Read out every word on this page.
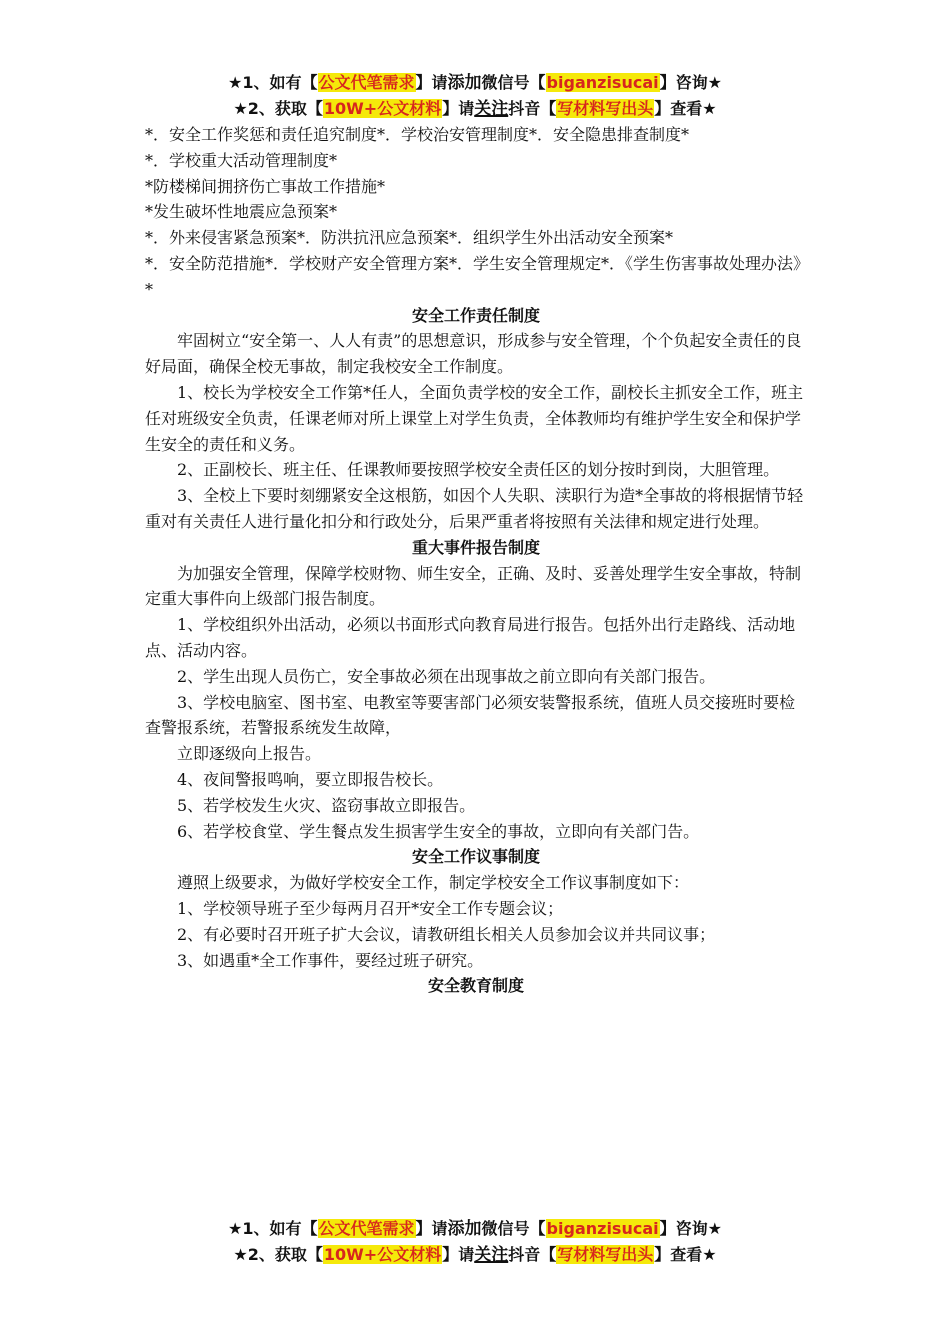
★1、如有【公文代笔需求】请添加微信号【biganzisucai】咨询★
★2、获取【10W+公文材料】请关注抖音【写材料写出头】查看★

*．安全工作奖惩和责任追究制度*．学校治安管理制度*．安全隐患排查制度*

*．学校重大活动管理制度*

*防楼梯间拥挤伤亡事故工作措施*

*发生破坏性地震应急预案*

*．外来侵害紧急预案*．防洪抗汛应急预案*．组织学生外出活动安全预案*

*．安全防范措施*．学校财产安全管理方案*．学生安全管理规定*．《学生伤害事故处理办法》*

安全工作责任制度

牢固树立“安全第一、人人有责”的思想意识，形成参与安全管理，个个负起安全责任的良好局面，确保全校无事故，制定我校安全工作制度。

1、校长为学校安全工作第*任人，全面负责学校的安全工作，副校长主抓安全工作，班主任对班级安全负责，任课老师对所上课堂上对学生负责，全体教师均有维护学生安全和保护学生安全的责任和义务。

2、正副校长、班主任、任课教师要按照学校安全责任区的划分按时到岗，大胆管理。

3、全校上下要时刻绷紧安全这根筋，如因个人失职、渎职行为造*全事故的将根据情节轻重对有关责任人进行量化扣分和行政处分，后果严重者将按照有关法律和规定进行处理。

重大事件报告制度

为加强安全管理，保障学校财物、师生安全，正确、及时、妥善处理学生安全事故，特制定重大事件向上级部门报告制度。

1、学校组织外出活动，必须以书面形式向教育局进行报告。包括外出行走路线、活动地点、活动内容。

2、学生出现人员伤亡，安全事故必须在出现事故之前立即向有关部门报告。

3、学校电脑室、图书室、电教室等要害部门必须安装警报系统，值班人员交接班时要检查警报系统，若警报系统发生故障，

立即逐级向上报告。

4、夜间警报鸣响，要立即报告校长。

5、若学校发生火灾、盗窃事故立即报告。

6、若学校食堂、学生餐点发生损害学生安全的事故，立即向有关部门告。

安全工作议事制度

遵照上级要求，为做好学校安全工作，制定学校安全工作议事制度如下：

1、学校领导班子至少每两月召开*安全工作专题会议；

2、有必要时召开班子扩大会议，请教研组长相关人员参加会议并共同议事；

3、如遇重*全工作事件，要经过班子研究。

安全教育制度

★1、如有【公文代笔需求】请添加微信号【biganzisucai】咨询★
★2、获取【10W+公文材料】请关注抖音【写材料写出头】查看★
